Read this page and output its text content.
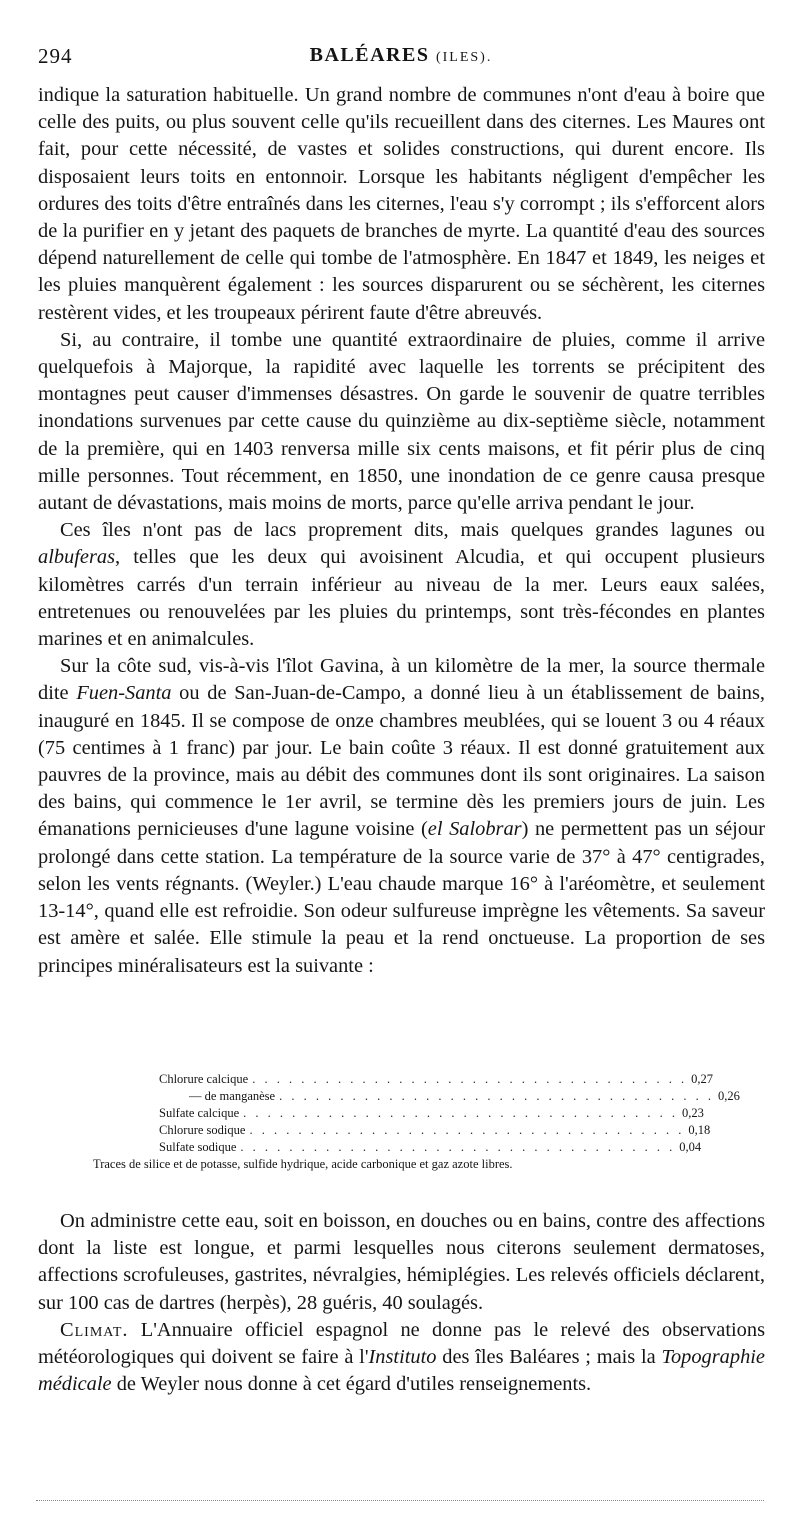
294	BALÉARES (ILES).

indique la saturation habituelle. Un grand nombre de communes n'ont d'eau à boire que celle des puits, ou plus souvent celle qu'ils recueillent dans des citernes. Les Maures ont fait, pour cette nécessité, de vastes et solides constructions, qui durent encore. Ils disposaient leurs toits en entonnoir. Lorsque les habitants négligent d'empêcher les ordures des toits d'être entraînés dans les citernes, l'eau s'y corrompt ; ils s'efforcent alors de la purifier en y jetant des paquets de branches de myrte. La quantité d'eau des sources dépend naturellement de celle qui tombe de l'atmosphère. En 1847 et 1849, les neiges et les pluies manquèrent également : les sources disparurent ou se séchèrent, les citernes restèrent vides, et les troupeaux périrent faute d'être abreuvés.

Si, au contraire, il tombe une quantité extraordinaire de pluies, comme il arrive quelquefois à Majorque, la rapidité avec laquelle les torrents se précipitent des montagnes peut causer d'immenses désastres. On garde le souvenir de quatre terribles inondations survenues par cette cause du quinzième au dix-septième siècle, notamment de la première, qui en 1403 renversa mille six cents maisons, et fit périr plus de cinq mille personnes. Tout récemment, en 1850, une inondation de ce genre causa presque autant de dévastations, mais moins de morts, parce qu'elle arriva pendant le jour.

Ces îles n'ont pas de lacs proprement dits, mais quelques grandes lagunes ou albuferas, telles que les deux qui avoisinent Alcudia, et qui occupent plusieurs kilomètres carrés d'un terrain inférieur au niveau de la mer. Leurs eaux salées, entretenues ou renouvelées par les pluies du printemps, sont très-fécondes en plantes marines et en animalcules.

Sur la côte sud, vis-à-vis l'îlot Gavina, à un kilomètre de la mer, la source thermale dite Fuen-Santa ou de San-Juan-de-Campo, a donné lieu à un établissement de bains, inauguré en 1845. Il se compose de onze chambres meublées, qui se louent 3 ou 4 réaux (75 centimes à 1 franc) par jour. Le bain coûte 3 réaux. Il est donné gratuitement aux pauvres de la province, mais au débit des communes dont ils sont originaires. La saison des bains, qui commence le 1er avril, se termine dès les premiers jours de juin. Les émanations pernicieuses d'une lagune voisine (el Salobrar) ne permettent pas un séjour prolongé dans cette station. La température de la source varie de 37° à 47° centigrades, selon les vents régnants. (Weyler.) L'eau chaude marque 16° à l'aréomètre, et seulement 13-14°, quand elle est refroidie. Son odeur sulfureuse imprègne les vêtements. Sa saveur est amère et salée. Elle stimule la peau et la rend onctueuse. La proportion de ses principes minéralisateurs est la suivante :

Chlorure calcique . . . . . . . . . . . . . . . . . . . . . . . . . . . . . . . . . . . . 0,27
— de manganèse . . . . . . . . . . . . . . . . . . . . . . . . . . . . . . . . . . . . 0,26
Sulfate calcique . . . . . . . . . . . . . . . . . . . . . . . . . . . . . . . . . . . . 0,23
Chlorure sodique . . . . . . . . . . . . . . . . . . . . . . . . . . . . . . . . . . . . 0,18
Sulfate sodique . . . . . . . . . . . . . . . . . . . . . . . . . . . . . . . . . . . . 0,04
Traces de silice et de potasse, sulfide hydrique, acide carbonique et gaz azote libres.

On administre cette eau, soit en boisson, en douches ou en bains, contre des affections dont la liste est longue, et parmi lesquelles nous citerons seulement dermatoses, affections scrofuleuses, gastrites, névralgies, hémiplégies. Les relevés officiels déclarent, sur 100 cas de dartres (herpès), 28 guéris, 40 soulagés.

Climat. L'Annuaire officiel espagnol ne donne pas le relevé des observations météorologiques qui doivent se faire à l'Instituto des îles Baléares ; mais la Topographie médicale de Weyler nous donne à cet égard d'utiles renseignements.
